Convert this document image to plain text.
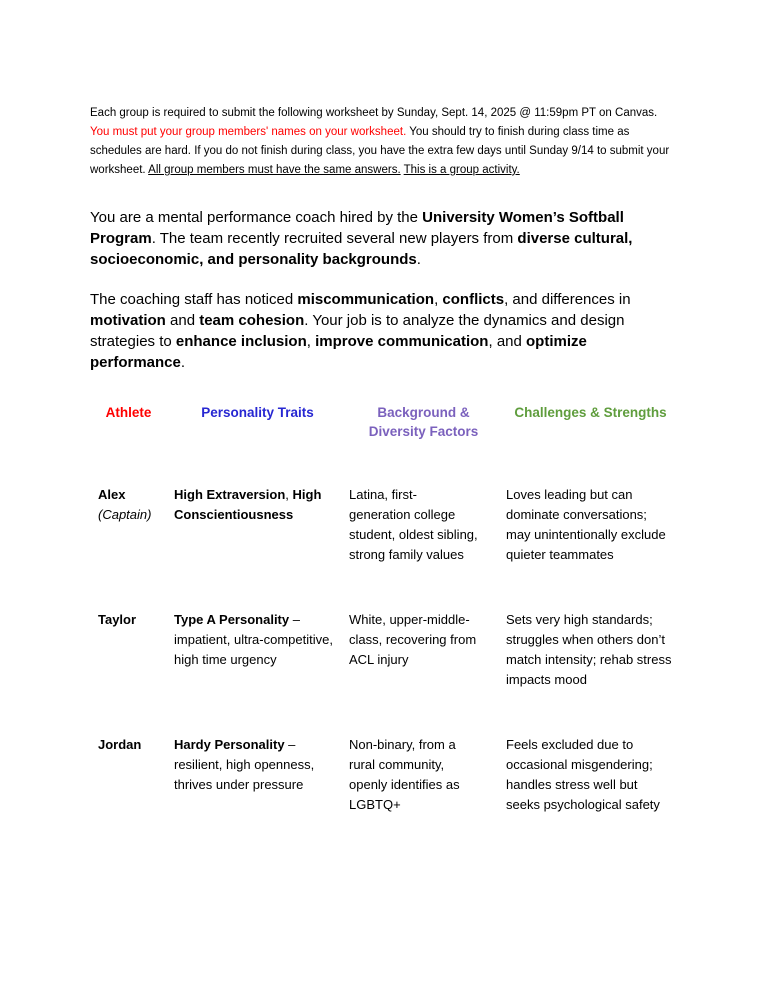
Each group is required to submit the following worksheet by Sunday, Sept. 14, 2025 @ 11:59pm PT on Canvas. You must put your group members' names on your worksheet. You should try to finish during class time as schedules are hard. If you do not finish during class, you have the extra few days until Sunday 9/14 to submit your worksheet. All group members must have the same answers. This is a group activity.

You are a mental performance coach hired by the University Women’s Softball Program. The team recently recruited several new players from diverse cultural, socioeconomic, and personality backgrounds.

The coaching staff has noticed miscommunication, conflicts, and differences in motivation and team cohesion. Your job is to analyze the dynamics and design strategies to enhance inclusion, improve communication, and optimize performance.

Athlete	Personality Traits	Background & Diversity Factors	Challenges & Strengths

Alex
(Captain)	High Extraversion, High Conscientiousness	Latina, first-generation college student, oldest sibling, strong family values	Loves leading but can dominate conversations; may unintentionally exclude quieter teammates

Taylor	Type A Personality – impatient, ultra-competitive, high time urgency	White, upper-middle-class, recovering from ACL injury	Sets very high standards; struggles when others don’t match intensity; rehab stress impacts mood

Jordan	Hardy Personality – resilient, high openness, thrives under pressure	Non-binary, from a rural community, openly identifies as LGBTQ+	Feels excluded due to occasional misgendering; handles stress well but seeks psychological safety
